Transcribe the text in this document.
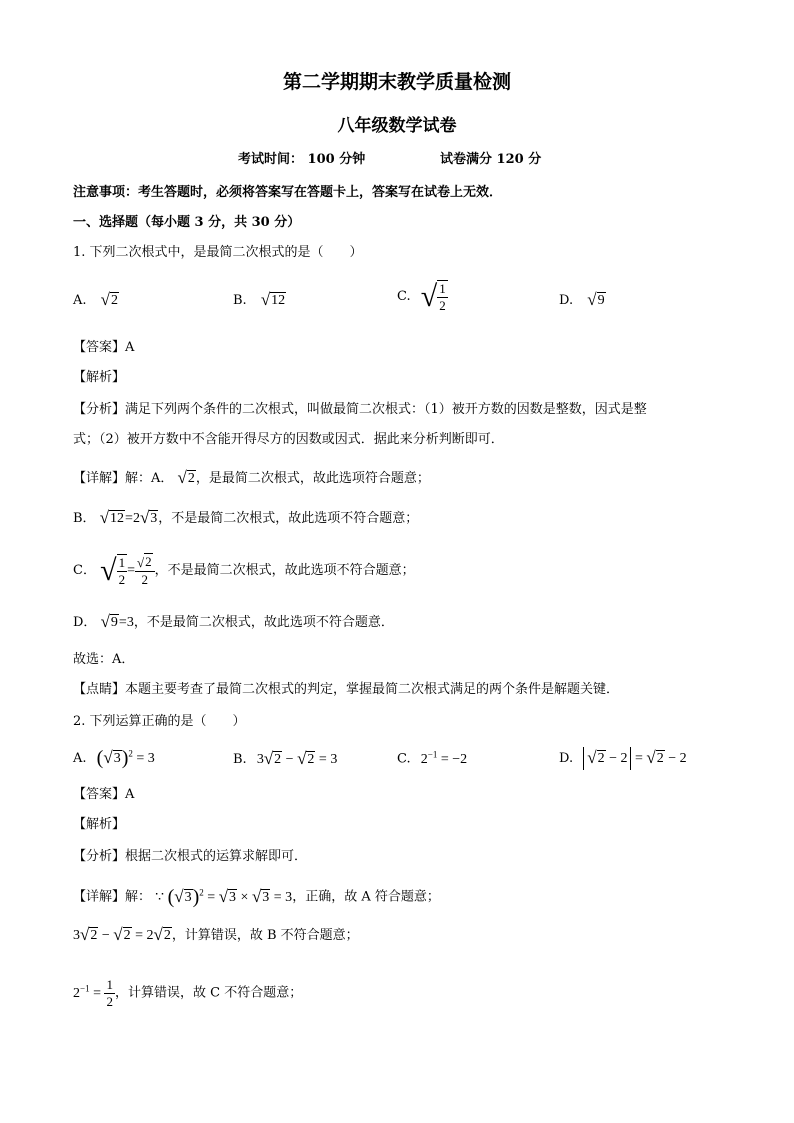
第二学期期末教学质量检测
八年级数学试卷
考试时间： 100 分钟	试卷满分 120 分
注意事项：考生答题时，必须将答案写在答题卡上，答案写在试卷上无效．
一、选择题（每小题 3 分，共 30 分）
1. 下列二次根式中，是最简二次根式的是（　　）
A. √2	B. √12	C. √ $\frac{1}{2}$	D. √9
【答案】A
【解析】
【分析】满足下列两个条件的二次根式，叫做最简二次根式：（1）被开方数的因数是整数，因式是整
式；（2）被开方数中不含能开得尽方的因数或因式．据此来分析判断即可．
【详解】解：A． √2，是最简二次根式，故此选项符合题意；
B． √12=2√3，不是最简二次根式，故此选项不符合题意；
C． √ $\frac{1}{2} = \frac{√2}{2}$ ，不是最简二次根式，故此选项不符合题意；
D． √9=3，不是最简二次根式，故此选项不符合题意．
故选：A．
【点睛】本题主要考查了最简二次根式的判定，掌握最简二次根式满足的两个条件是解题关键．
2. 下列运算正确的是（　　）
A. $(√3)^2 = 3$	B. 3√2 − √2 = 3	C. $2^{-1} = -2$	D. √2 − 2 = √2 − 2
【答案】A
【解析】
【分析】根据二次根式的运算求解即可．
【详解】解： ∵ $(√3)^2 = √3 \times √3 = 3$，正确，故 A 符合题意；
3√2 − √2 = 2√2，计算错误，故 B 不符合题意；
$2^{-1} = \frac{1}{2}$ ，计算错误，故 C 不符合题意；
